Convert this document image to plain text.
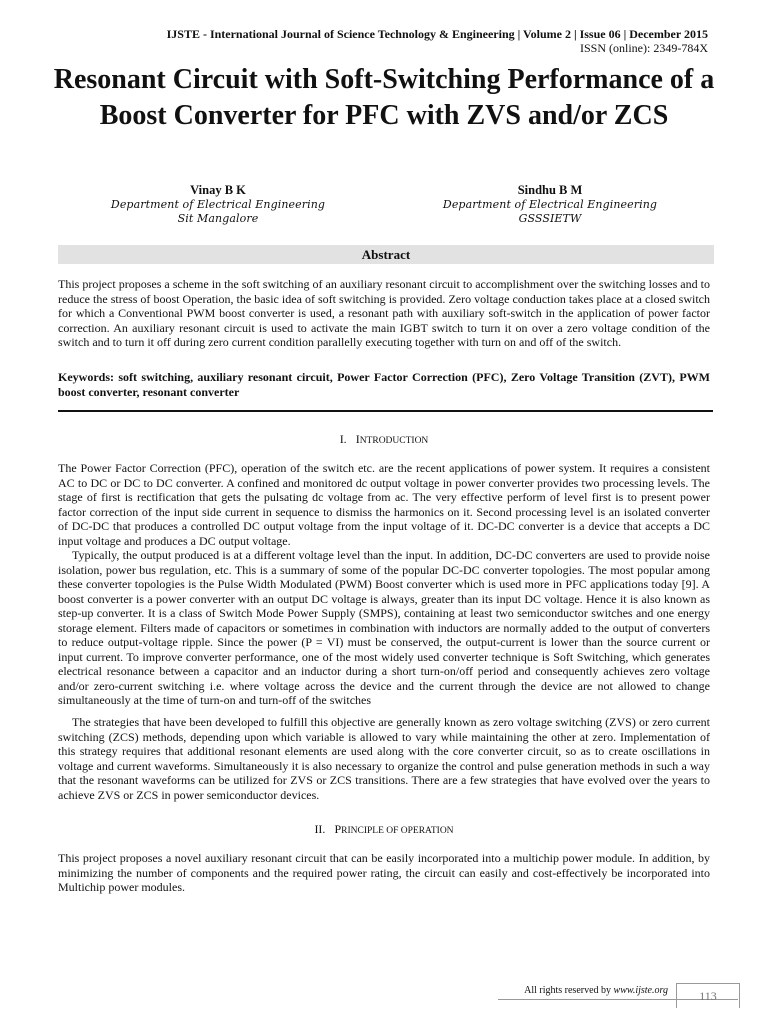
IJSTE - International Journal of Science Technology & Engineering | Volume 2 | Issue 06 | December 2015
ISSN (online): 2349-784X
Resonant Circuit with Soft-Switching Performance of a Boost Converter for PFC with ZVS and/or ZCS
Vinay B K
Department of Electrical Engineering
Sit Mangalore
Sindhu B M
Department of Electrical Engineering
GSSSIETW
Abstract

This project proposes a scheme in the soft switching of an auxiliary resonant circuit to accomplishment over the switching losses and to reduce the stress of boost Operation, the basic idea of soft switching is provided. Zero voltage conduction takes place at a closed switch for which a Conventional PWM boost converter is used, a resonant path with auxiliary soft-switch in the application of power factor correction. An auxiliary resonant circuit is used to activate the main IGBT switch to turn it on over a zero voltage condition of the switch and to turn it off during zero current condition parallelly executing together with turn on and off of the switch.

Keywords: soft switching, auxiliary resonant circuit, Power Factor Correction (PFC), Zero Voltage Transition (ZVT), PWM boost converter, resonant converter

I. INTRODUCTION

The Power Factor Correction (PFC), operation of the switch etc. are the recent applications of power system. It requires a consistent AC to DC or DC to DC converter. A confined and monitored dc output voltage in power converter provides two processing levels. The stage of first is rectification that gets the pulsating dc voltage from ac. The very effective perform of level first is to present power factor correction of the input side current in sequence to dismiss the harmonics on it. Second processing level is an isolated converter of DC-DC that produces a controlled DC output voltage from the input voltage of it. DC-DC converter is a device that accepts a DC input voltage and produces a DC output voltage.

Typically, the output produced is at a different voltage level than the input. In addition, DC-DC converters are used to provide noise isolation, power bus regulation, etc. This is a summary of some of the popular DC-DC converter topologies. The most popular among these converter topologies is the Pulse Width Modulated (PWM) Boost converter which is used more in PFC applications today [9]. A boost converter is a power converter with an output DC voltage is always, greater than its input DC voltage. Hence it is also known as step-up converter. It is a class of Switch Mode Power Supply (SMPS), containing at least two semiconductor switches and one energy storage element. Filters made of capacitors or sometimes in combination with inductors are normally added to the output of converters to reduce output-voltage ripple. Since the power (P = VI) must be conserved, the output-current is lower than the source current or input current. To improve converter performance, one of the most widely used converter technique is Soft Switching, which generates electrical resonance between a capacitor and an inductor during a short turn-on/off period and consequently achieves zero voltage and/or zero-current switching i.e. where voltage across the device and the current through the device are not allowed to change simultaneously at the time of turn-on and turn-off of the switches

The strategies that have been developed to fulfill this objective are generally known as zero voltage switching (ZVS) or zero current switching (ZCS) methods, depending upon which variable is allowed to vary while maintaining the other at zero. Implementation of this strategy requires that additional resonant elements are used along with the core converter circuit, so as to create oscillations in voltage and current waveforms. Simultaneously it is also necessary to organize the control and pulse generation methods in such a way that the resonant waveforms can be utilized for ZVS or ZCS transitions. There are a few strategies that have evolved over the years to achieve ZVS or ZCS in power semiconductor devices.

II. PRINCIPLE OF OPERATION

This project proposes a novel auxiliary resonant circuit that can be easily incorporated into a multichip power module. In addition, by minimizing the number of components and the required power rating, the circuit can easily and cost-effectively be incorporated into Multichip power modules.

All rights reserved by www.ijste.org	113
